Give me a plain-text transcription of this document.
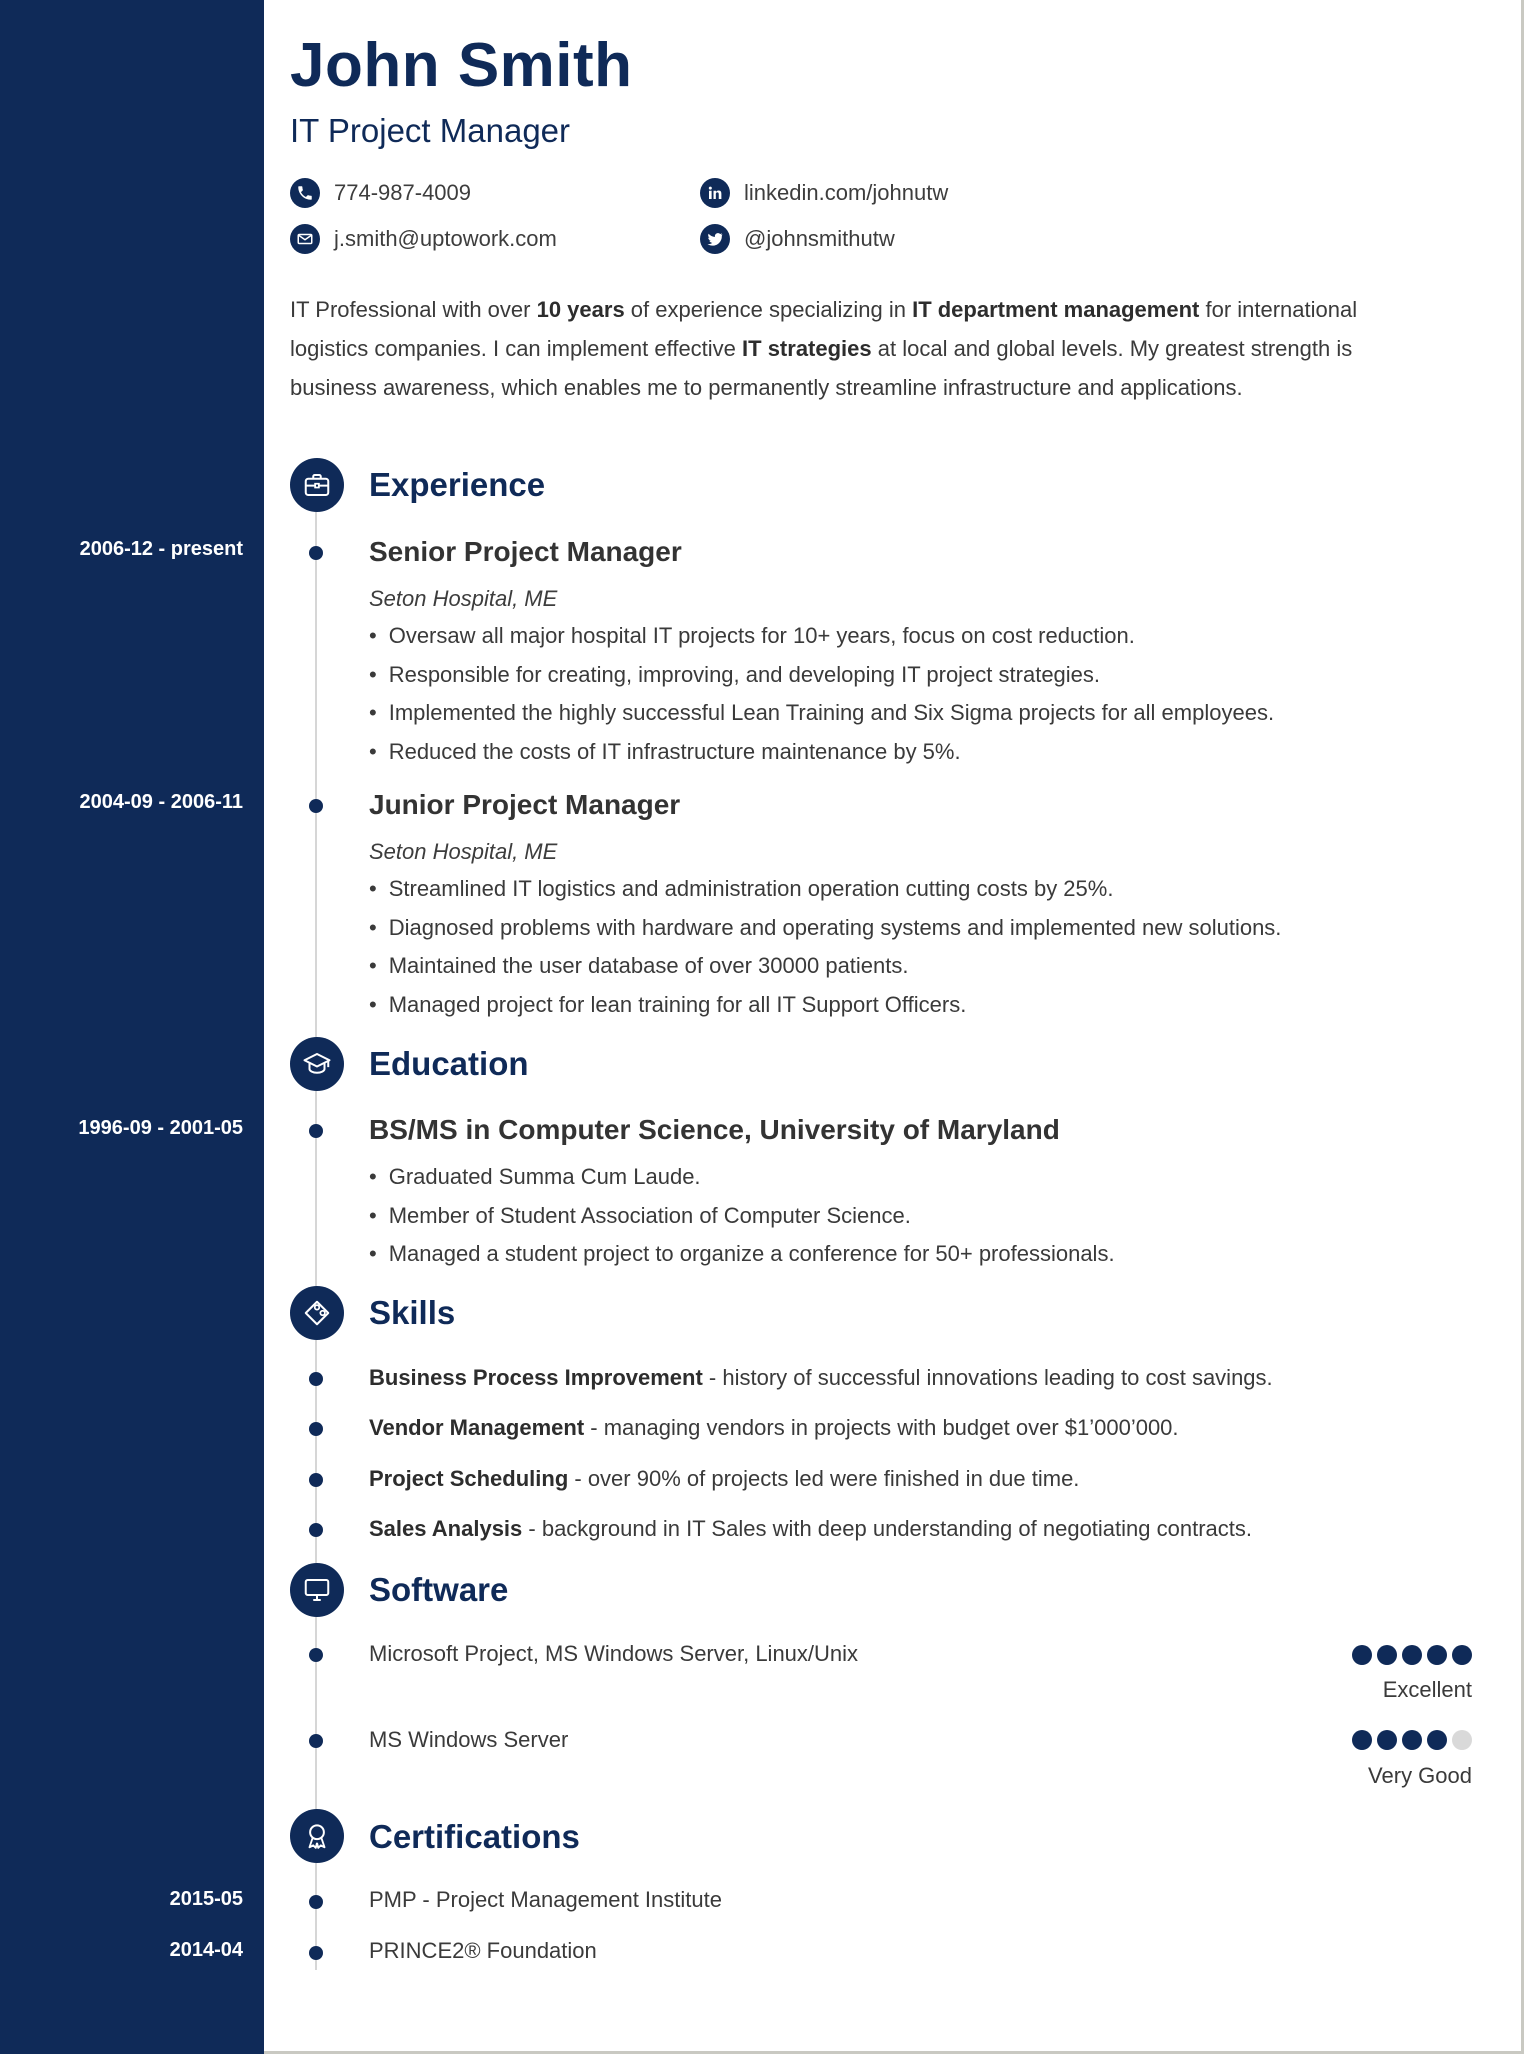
John Smith
IT Project Manager
774-987-4009
j.smith@uptowork.com
linkedin.com/johnutw
@johnsmithutw
IT Professional with over 10 years of experience specializing in IT department management for international logistics companies. I can implement effective IT strategies at local and global levels. My greatest strength is business awareness, which enables me to permanently streamline infrastructure and applications.
Experience
2006-12 - present	Senior Project Manager
Seton Hospital, ME
• Oversaw all major hospital IT projects for 10+ years, focus on cost reduction.
• Responsible for creating, improving, and developing IT project strategies.
• Implemented the highly successful Lean Training and Six Sigma projects for all employees.
• Reduced the costs of IT infrastructure maintenance by 5%.
2004-09 - 2006-11	Junior Project Manager
Seton Hospital, ME
• Streamlined IT logistics and administration operation cutting costs by 25%.
• Diagnosed problems with hardware and operating systems and implemented new solutions.
• Maintained the user database of over 30000 patients.
• Managed project for lean training for all IT Support Officers.
Education
1996-09 - 2001-05	BS/MS in Computer Science, University of Maryland
• Graduated Summa Cum Laude.
• Member of Student Association of Computer Science.
• Managed a student project to organize a conference for 50+ professionals.
Skills
Business Process Improvement - history of successful innovations leading to cost savings.
Vendor Management - managing vendors in projects with budget over $1’000’000.
Project Scheduling - over 90% of projects led were finished in due time.
Sales Analysis - background in IT Sales with deep understanding of negotiating contracts.
Software
Microsoft Project, MS Windows Server, Linux/Unix
Excellent
MS Windows Server
Very Good
Certifications
2015-05	PMP - Project Management Institute
2014-04	PRINCE2® Foundation
